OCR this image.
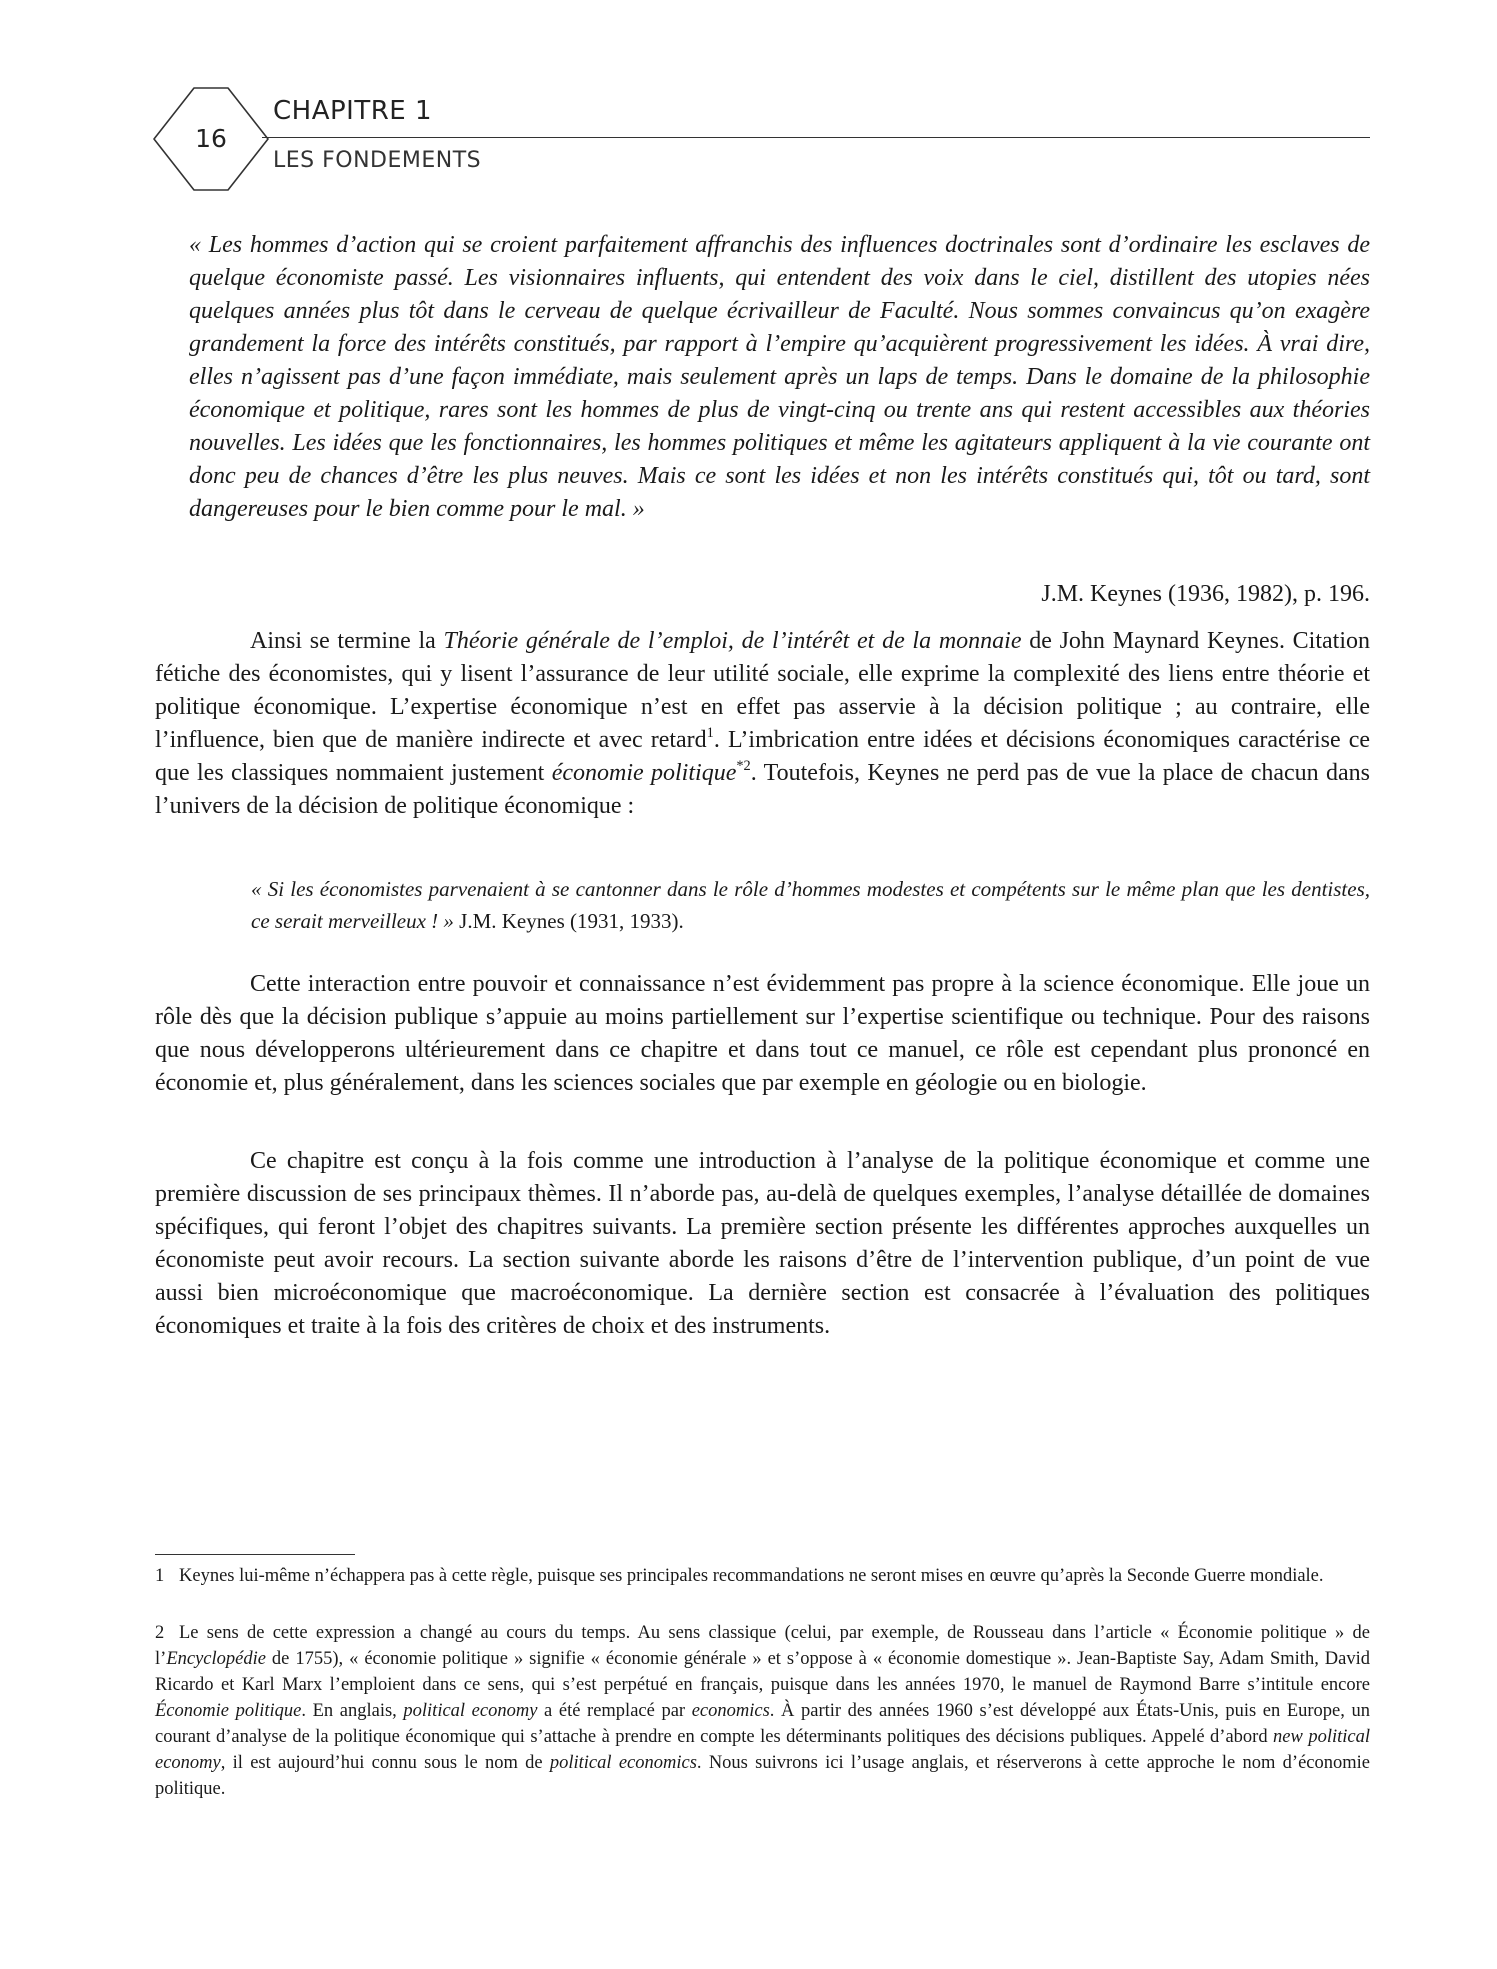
16
CHAPITRE 1
LES FONDEMENTS
« Les hommes d’action qui se croient parfaitement affranchis des influences doctrinales sont d’ordinaire les esclaves de quelque économiste passé. Les visionnaires influents, qui entendent des voix dans le ciel, distillent des utopies nées quelques années plus tôt dans le cerveau de quelque écrivailleur de Faculté. Nous sommes convaincus qu’on exagère grandement la force des intérêts constitués, par rapport à l’empire qu’acquièrent progressivement les idées. À vrai dire, elles n’agissent pas d’une façon immédiate, mais seulement après un laps de temps. Dans le domaine de la philosophie économique et politique, rares sont les hommes de plus de vingt-cinq ou trente ans qui restent accessibles aux théories nouvelles. Les idées que les fonctionnaires, les hommes politiques et même les agitateurs appliquent à la vie courante ont donc peu de chances d’être les plus neuves. Mais ce sont les idées et non les intérêts constitués qui, tôt ou tard, sont dangereuses pour le bien comme pour le mal. »
J.M. Keynes (1936, 1982), p. 196.
Ainsi se termine la Théorie générale de l’emploi, de l’intérêt et de la monnaie de John Maynard Keynes. Citation fétiche des économistes, qui y lisent l’assurance de leur utilité sociale, elle exprime la complexité des liens entre théorie et politique économique. L’expertise économique n’est en effet pas asservie à la décision politique ; au contraire, elle l’influence, bien que de manière indirecte et avec retard$^1$. L’imbrication entre idées et décisions économiques caractérise ce que les classiques nommaient justement économie politique$^{*2}$. Toutefois, Keynes ne perd pas de vue la place de chacun dans l’univers de la décision de politique économique :
« Si les économistes parvenaient à se cantonner dans le rôle d’hommes modestes et compétents sur le même plan que les dentistes, ce serait merveilleux ! » J.M. Keynes (1931, 1933).
Cette interaction entre pouvoir et connaissance n’est évidemment pas propre à la science économique. Elle joue un rôle dès que la décision publique s’appuie au moins partiellement sur l’expertise scientifique ou technique. Pour des raisons que nous développerons ultérieurement dans ce chapitre et dans tout ce manuel, ce rôle est cependant plus prononcé en économie et, plus généralement, dans les sciences sociales que par exemple en géologie ou en biologie.
Ce chapitre est conçu à la fois comme une introduction à l’analyse de la politique économique et comme une première discussion de ses principaux thèmes. Il n’aborde pas, au-delà de quelques exemples, l’analyse détaillée de domaines spécifiques, qui feront l’objet des chapitres suivants. La première section présente les différentes approches auxquelles un économiste peut avoir recours. La section suivante aborde les raisons d’être de l’intervention publique, d’un point de vue aussi bien microéconomique que macroéconomique. La dernière section est consacrée à l’évaluation des politiques économiques et traite à la fois des critères de choix et des instruments.
1 Keynes lui-même n’échappera pas à cette règle, puisque ses principales recommandations ne seront mises en œuvre qu’après la Seconde Guerre mondiale.
2 Le sens de cette expression a changé au cours du temps. Au sens classique (celui, par exemple, de Rousseau dans l’article « Économie politique » de l’Encyclopédie de 1755), « économie politique » signifie « économie générale » et s’oppose à « économie domestique ». Jean-Baptiste Say, Adam Smith, David Ricardo et Karl Marx l’emploient dans ce sens, qui s’est perpétué en français, puisque dans les années 1970, le manuel de Raymond Barre s’intitule encore Économie politique. En anglais, political economy a été remplacé par economics. À partir des années 1960 s’est développé aux États-Unis, puis en Europe, un courant d’analyse de la politique économique qui s’attache à prendre en compte les déterminants politiques des décisions publiques. Appelé d’abord new political economy, il est aujourd’hui connu sous le nom de political economics. Nous suivrons ici l’usage anglais, et réserverons à cette approche le nom d’économie politique.
